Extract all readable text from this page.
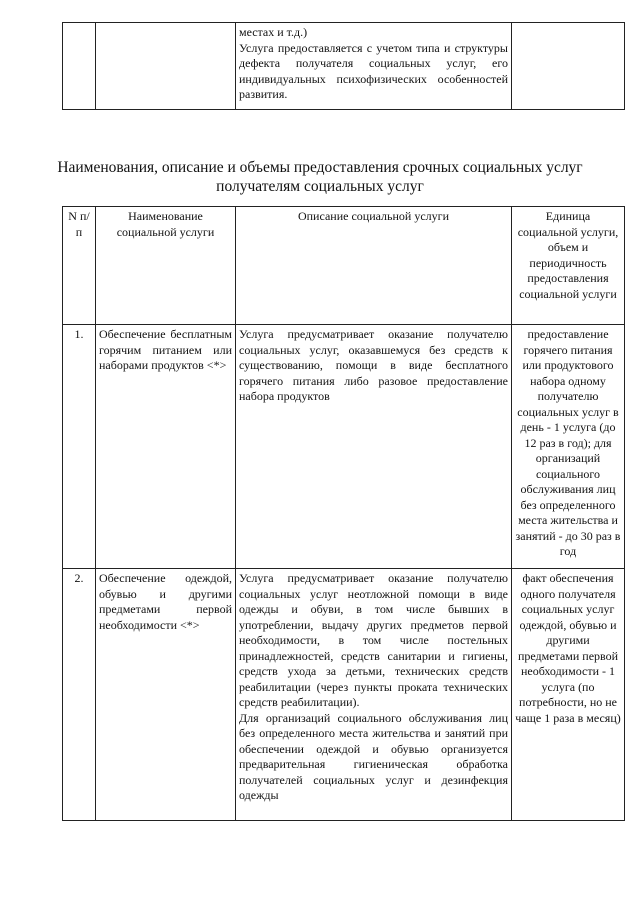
местах и т.д.)
Услуга предоставляется с учетом типа и структуры дефекта получателя социальных услуг, его индивидуальных психофизических особенностей развития.

Наименования, описание и объемы предоставления срочных социальных услуг
получателям социальных услуг
N п/п	Наименование социальной услуги	Описание социальной услуги	Единица социальной услуги, объем и периодичность предоставления социальной услуги
1.	Обеспечение бесплатным горячим питанием или наборами продуктов <*>	Услуга предусматривает оказание получателю социальных услуг, оказавшемуся без средств к существованию, помощи в виде бесплатного горячего питания либо разовое предоставление набора продуктов	предоставление горячего питания или продуктового набора одному получателю социальных услуг в день - 1 услуга (до 12 раз в год); для организаций социального обслуживания лиц без определенного места жительства и занятий - до 30 раз в год
2.	Обеспечение одеждой, обувью и другими предметами первой необходимости <*>	Услуга предусматривает оказание получателю социальных услуг неотложной помощи в виде одежды и обуви, в том числе бывших в употреблении, выдачу других предметов первой необходимости, в том числе постельных принадлежностей, средств санитарии и гигиены, средств ухода за детьми, технических средств реабилитации (через пункты проката технических средств реабилитации).
Для организаций социального обслуживания лиц без определенного места жительства и занятий при обеспечении одеждой и обувью организуется предварительная гигиеническая обработка получателей социальных услуг и дезинфекция одежды	факт обеспечения одного получателя социальных услуг одеждой, обувью и другими предметами первой необходимости - 1 услуга (по потребности, но не чаще 1 раза в месяц)
